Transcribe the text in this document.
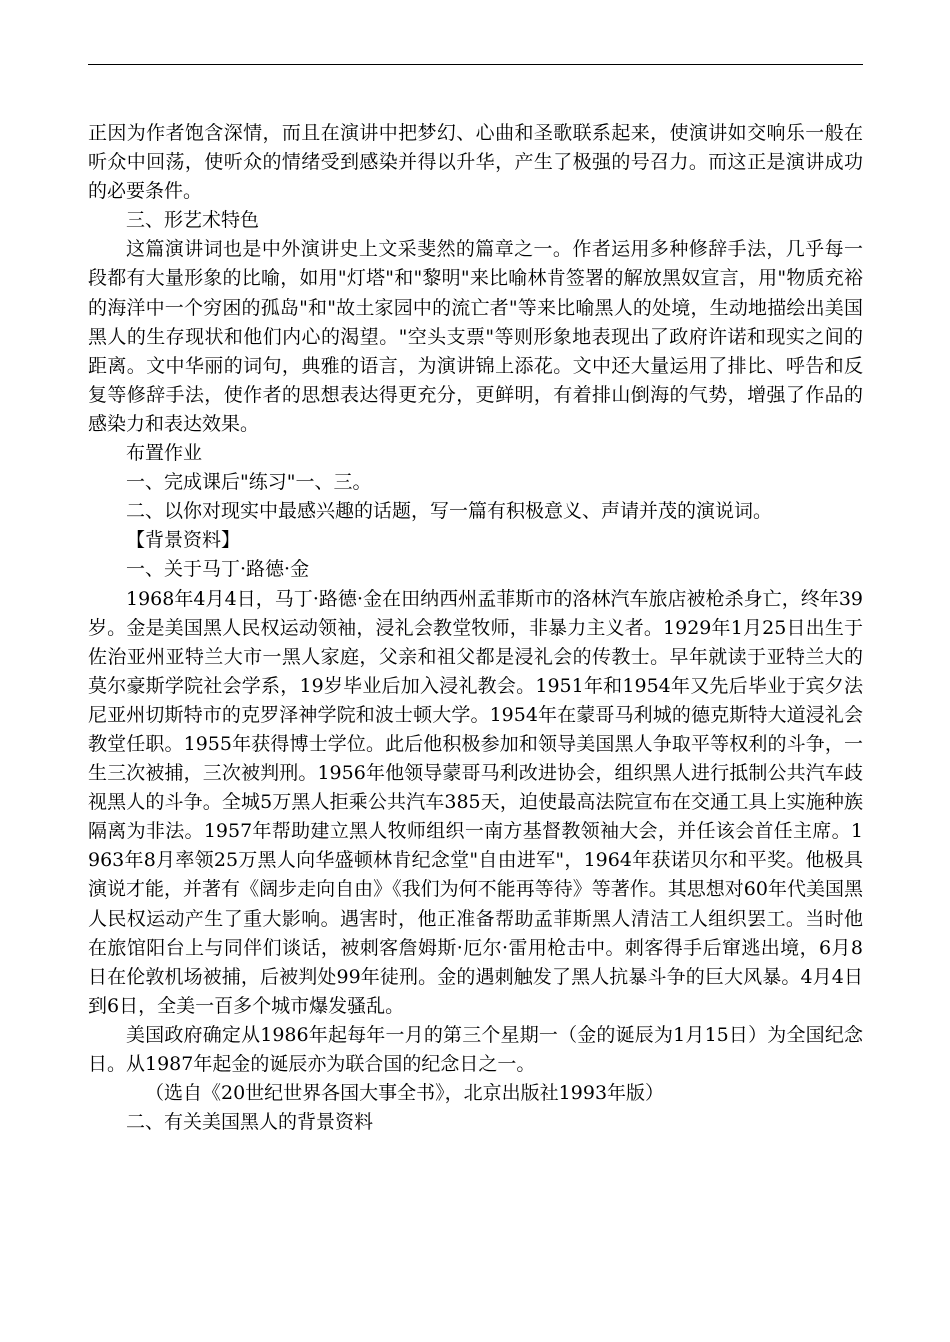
正因为作者饱含深情，而且在演讲中把梦幻、心曲和圣歌联系起来，使演讲如交响乐一般在听众中回荡，使听众的情绪受到感染并得以升华，产生了极强的号召力。而这正是演讲成功的必要条件。

三、形艺术特色

这篇演讲词也是中外演讲史上文采斐然的篇章之一。作者运用多种修辞手法，几乎每一段都有大量形象的比喻，如用"灯塔"和"黎明"来比喻林肯签署的解放黑奴宣言，用"物质充裕的海洋中一个穷困的孤岛"和"故土家园中的流亡者"等来比喻黑人的处境，生动地描绘出美国黑人的生存现状和他们内心的渴望。"空头支票"等则形象地表现出了政府许诺和现实之间的距离。文中华丽的词句，典雅的语言，为演讲锦上添花。文中还大量运用了排比、呼告和反复等修辞手法，使作者的思想表达得更充分，更鲜明，有着排山倒海的气势，增强了作品的感染力和表达效果。

布置作业

一、完成课后"练习"一、三。

二、以你对现实中最感兴趣的话题，写一篇有积极意义、声请并茂的演说词。

【背景资料】

一、关于马丁·路德·金

1968年4月4日，马丁·路德·金在田纳西州孟菲斯市的洛林汽车旅店被枪杀身亡，终年39岁。金是美国黑人民权运动领袖，浸礼会教堂牧师，非暴力主义者。1929年1月25日出生于佐治亚州亚特兰大市一黑人家庭，父亲和祖父都是浸礼会的传教士。早年就读于亚特兰大的莫尔豪斯学院社会学系，19岁毕业后加入浸礼教会。1951年和1954年又先后毕业于宾夕法尼亚州切斯特市的克罗泽神学院和波士顿大学。1954年在蒙哥马利城的德克斯特大道浸礼会教堂任职。1955年获得博士学位。此后他积极参加和领导美国黑人争取平等权利的斗争，一生三次被捕，三次被判刑。1956年他领导蒙哥马利改进协会，组织黑人进行抵制公共汽车歧视黑人的斗争。全城5万黑人拒乘公共汽车385天，迫使最高法院宣布在交通工具上实施种族隔离为非法。1957年帮助建立黑人牧师组织一南方基督教领袖大会，并任该会首任主席。1963年8月率领25万黑人向华盛顿林肯纪念堂"自由进军"，1964年获诺贝尔和平奖。他极具演说才能，并著有《阔步走向自由》《我们为何不能再等待》等著作。其思想对60年代美国黑人民权运动产生了重大影响。遇害时，他正准备帮助孟菲斯黑人清洁工人组织罢工。当时他在旅馆阳台上与同伴们谈话，被刺客詹姆斯·厄尔·雷用枪击中。刺客得手后窜逃出境，6月8日在伦敦机场被捕，后被判处99年徒刑。金的遇刺触发了黑人抗暴斗争的巨大风暴。4月4日到6日，全美一百多个城市爆发骚乱。

美国政府确定从1986年起每年一月的第三个星期一（金的诞辰为1月15日）为全国纪念日。从1987年起金的诞辰亦为联合国的纪念日之一。

（选自《20世纪世界各国大事全书》，北京出版社1993年版）

二、有关美国黑人的背景资料
